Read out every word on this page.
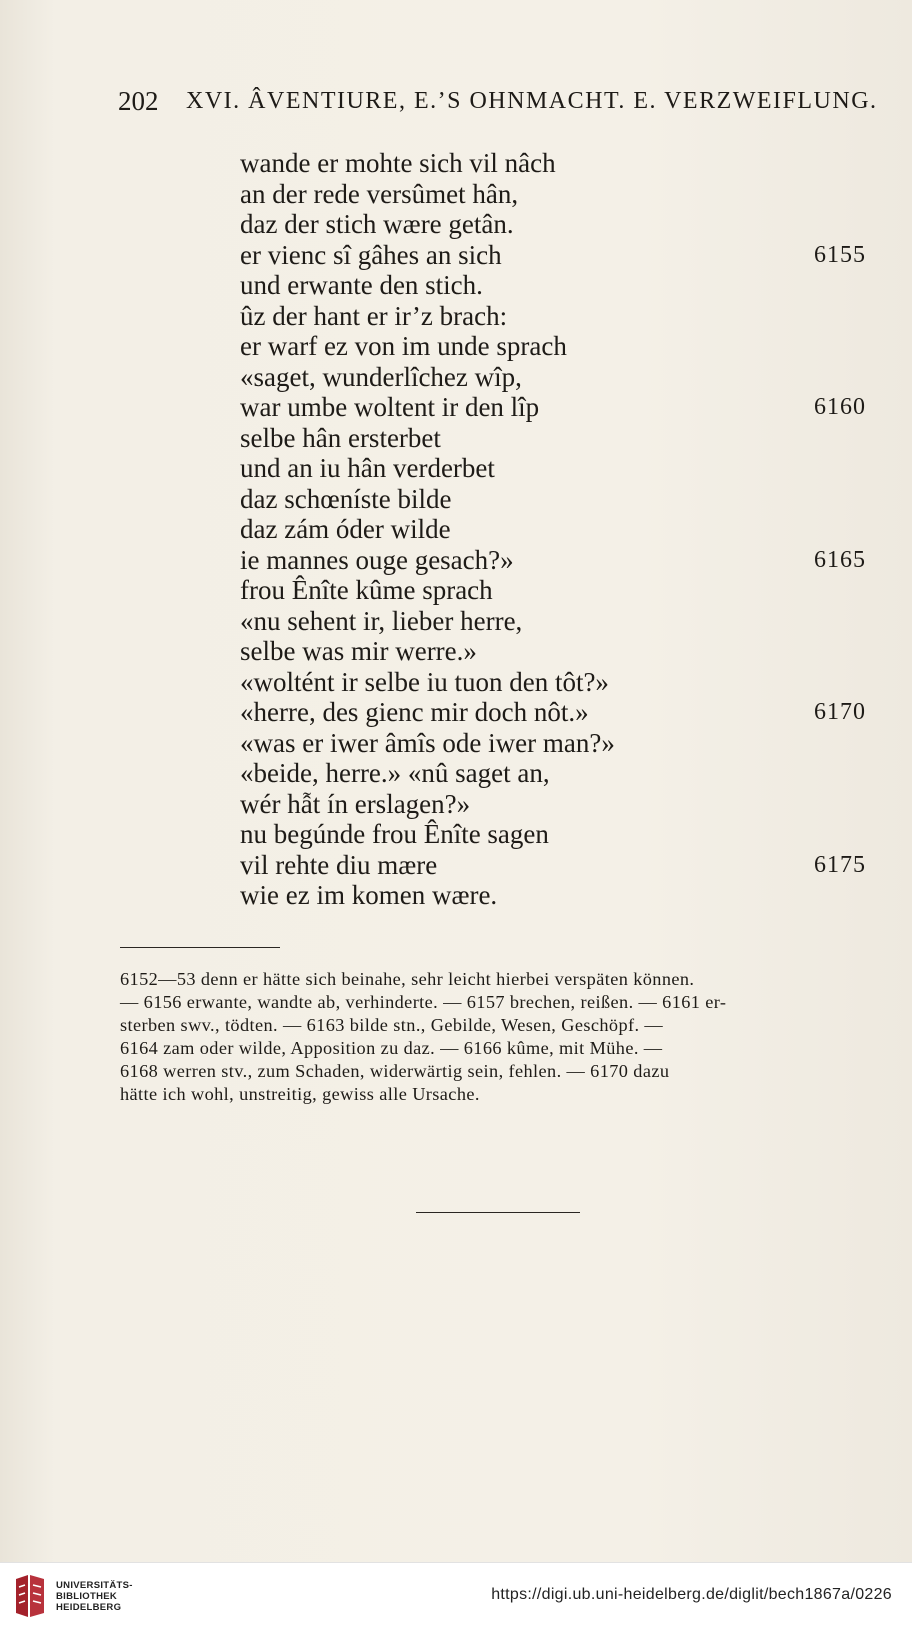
202 XVI. ÂVENTIURE, E.’S OHNMACHT. E. VERZWEIFLUNG.
wande er mohte sich vil nâch
an der rede versûmet hân,
daz der stich wære getân.
er vienc sî gâhes an sich	6155
und erwante den stich.
ûz der hant er ir’z brach:
er warf ez von im unde sprach
«saget, wunderlîchez wîp,
war umbe woltent ir den lîp	6160
selbe hân ersterbet
und an iu hân verderbet
daz schœníste bilde
daz zám óder wilde
ie mannes ouge gesach?»	6165
frou Ênîte kûme sprach
«nu sehent ir, lieber herre,
selbe was mir werre.»
«woltént ir selbe iu tuon den tôt?»
«herre, des gienc mir doch nôt.»	6170
«was er iwer âmîs ode iwer man?»
«beide, herre.» «nû saget an,
wér hẫt ín erslagen?»
nu begúnde frou Ênîte sagen
vil rehte diu mære	6175
wie ez im komen wære.
6152—53 denn er hätte sich beinahe, sehr leicht hierbei verspäten können.
— 6156 erwante, wandte ab, verhinderte. — 6157 brechen, reißen. — 6161 er-
sterben swv., tödten. — 6163 bilde stn., Gebilde, Wesen, Geschöpf. —
6164 zam oder wilde, Apposition zu daz. — 6166 kûme, mit Mühe. —
6168 werren stv., zum Schaden, widerwärtig sein, fehlen. — 6170 dazu
hätte ich wohl, unstreitig, gewiss alle Ursache.
UNIVERSITÄTS-
BIBLIOTHEK
HEIDELBERG
https://digi.ub.uni-heidelberg.de/diglit/bech1867a/0226
